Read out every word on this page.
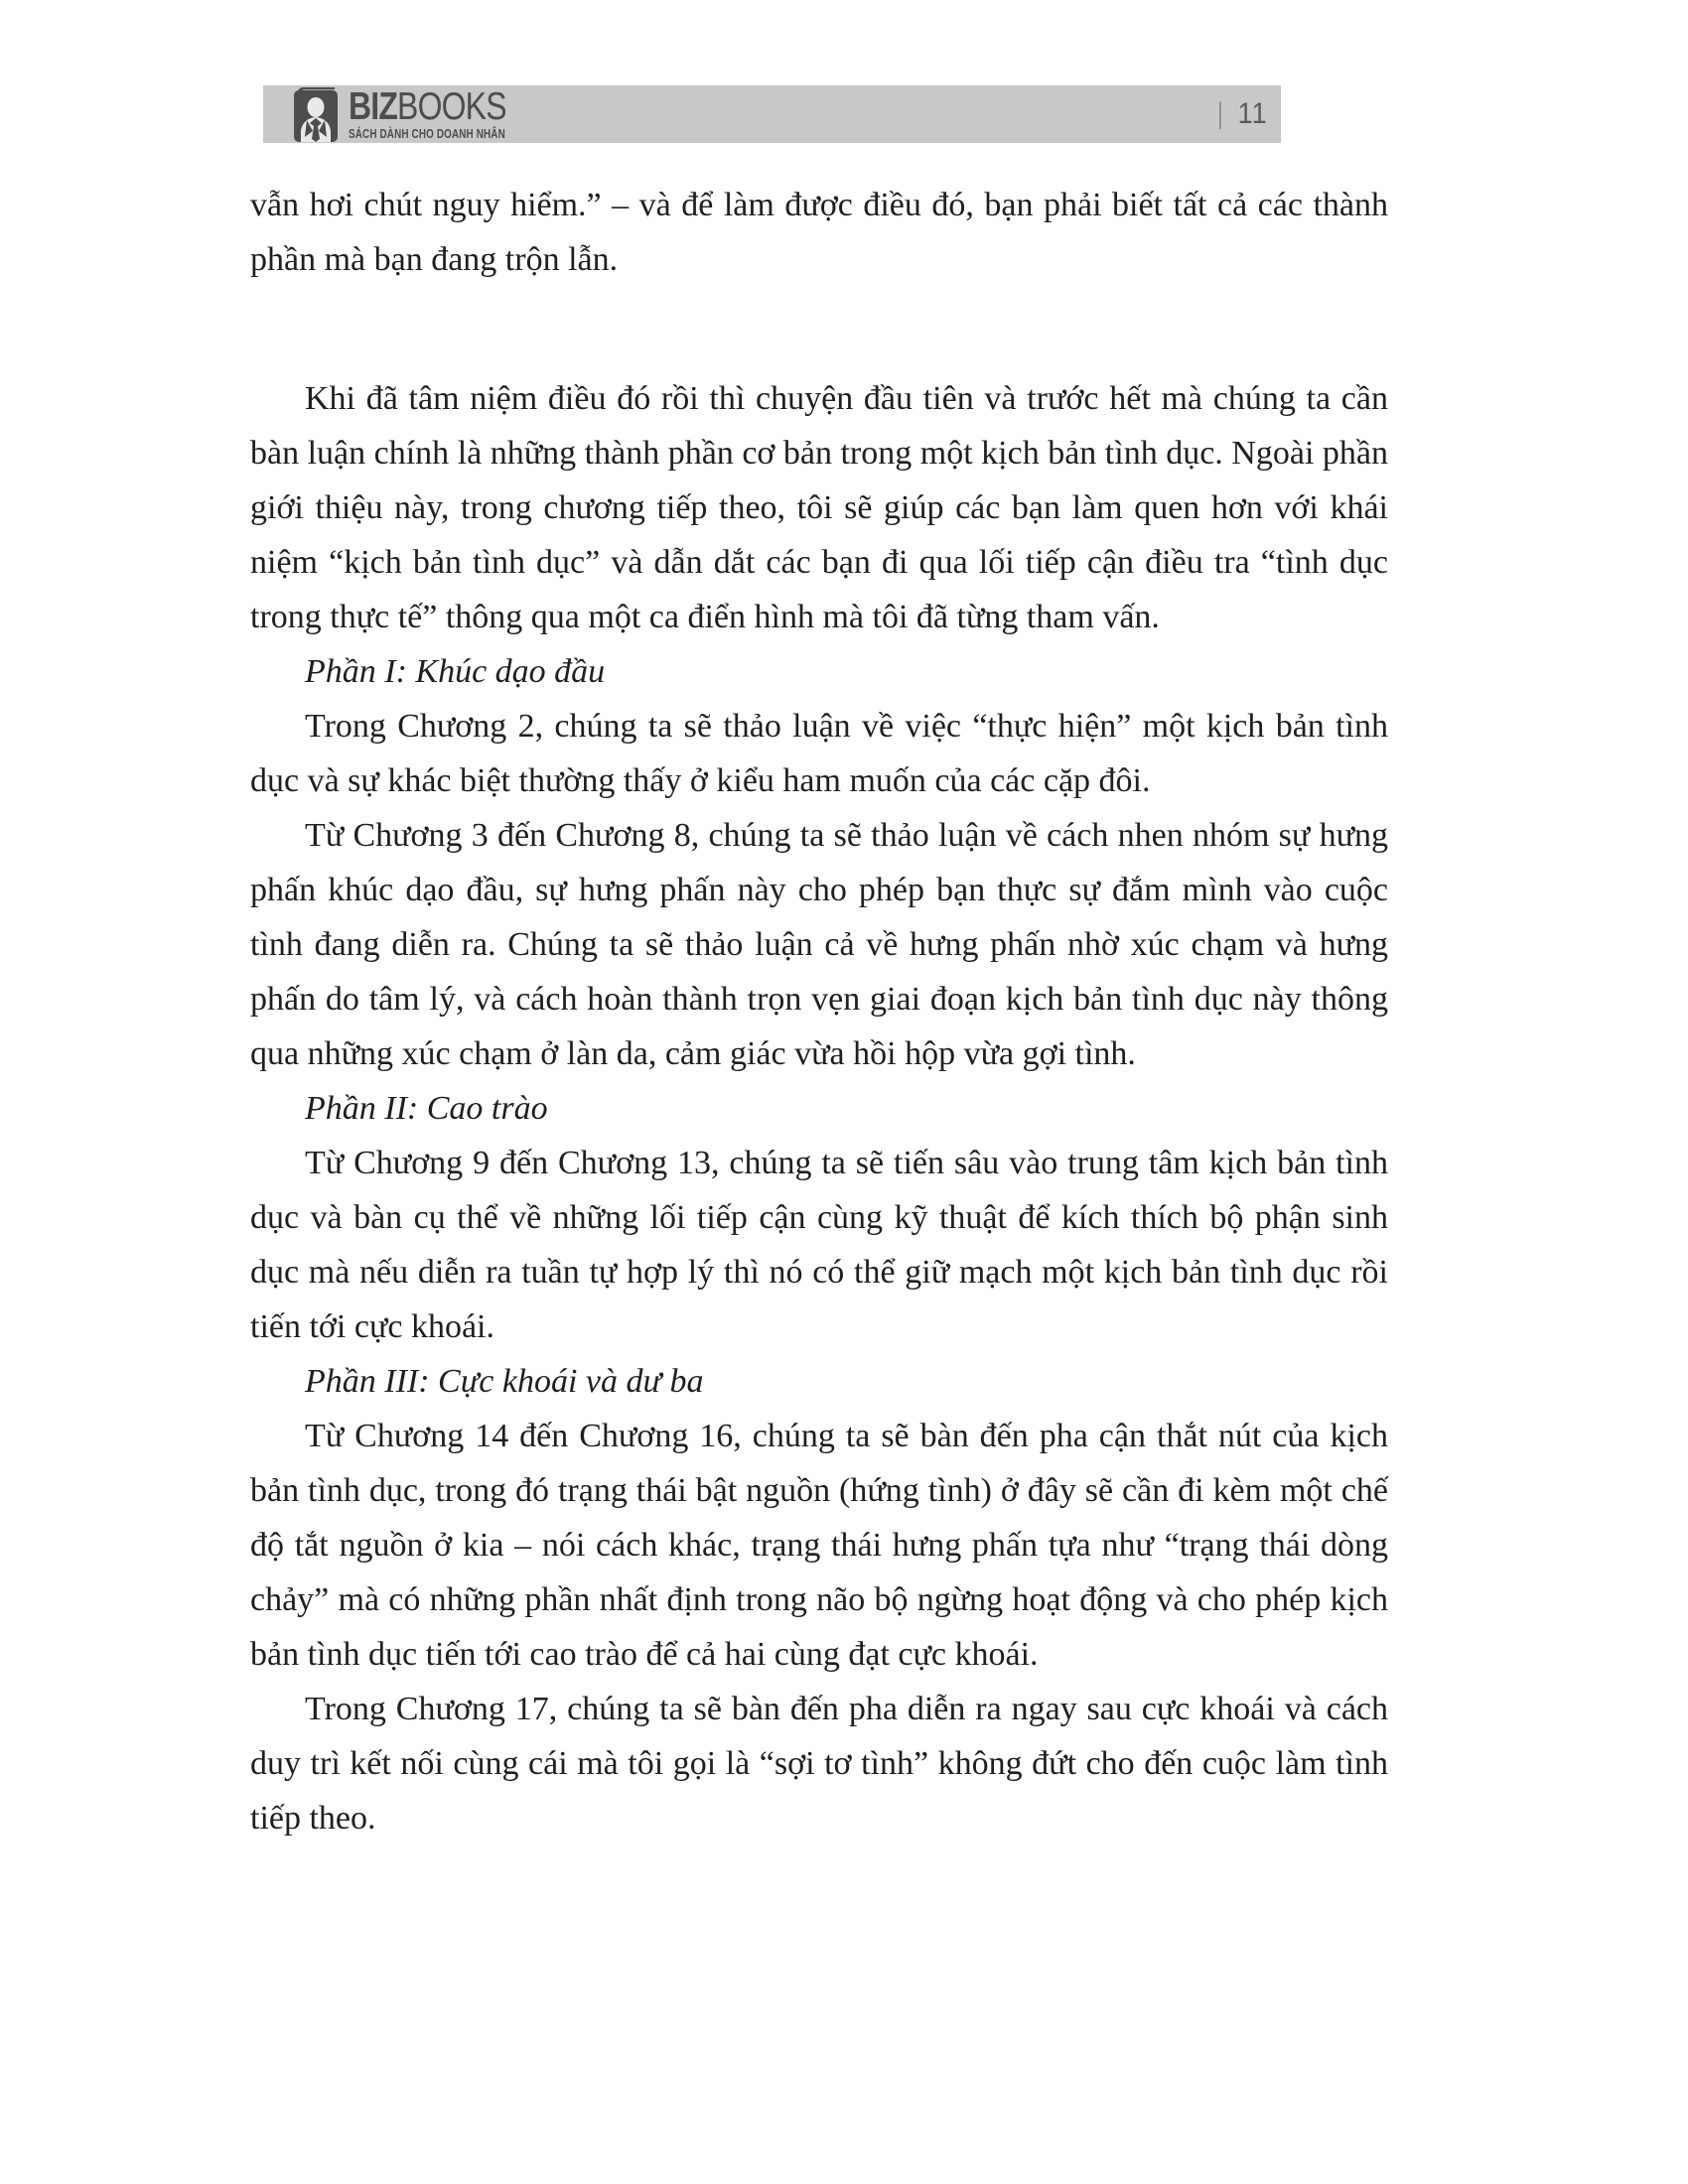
BIZBOOKS
SÁCH DÀNH CHO DOANH NHÂN
| 11

vẫn hơi chút nguy hiểm.” – và để làm được điều đó, bạn phải biết tất cả các thành phần mà bạn đang trộn lẫn.

Khi đã tâm niệm điều đó rồi thì chuyện đầu tiên và trước hết mà chúng ta cần bàn luận chính là những thành phần cơ bản trong một kịch bản tình dục. Ngoài phần giới thiệu này, trong chương tiếp theo, tôi sẽ giúp các bạn làm quen hơn với khái niệm “kịch bản tình dục” và dẫn dắt các bạn đi qua lối tiếp cận điều tra “tình dục trong thực tế” thông qua một ca điển hình mà tôi đã từng tham vấn.

Phần I: Khúc dạo đầu

Trong Chương 2, chúng ta sẽ thảo luận về việc “thực hiện” một kịch bản tình dục và sự khác biệt thường thấy ở kiểu ham muốn của các cặp đôi.

Từ Chương 3 đến Chương 8, chúng ta sẽ thảo luận về cách nhen nhóm sự hưng phấn khúc dạo đầu, sự hưng phấn này cho phép bạn thực sự đắm mình vào cuộc tình đang diễn ra. Chúng ta sẽ thảo luận cả về hưng phấn nhờ xúc chạm và hưng phấn do tâm lý, và cách hoàn thành trọn vẹn giai đoạn kịch bản tình dục này thông qua những xúc chạm ở làn da, cảm giác vừa hồi hộp vừa gợi tình.

Phần II: Cao trào

Từ Chương 9 đến Chương 13, chúng ta sẽ tiến sâu vào trung tâm kịch bản tình dục và bàn cụ thể về những lối tiếp cận cùng kỹ thuật để kích thích bộ phận sinh dục mà nếu diễn ra tuần tự hợp lý thì nó có thể giữ mạch một kịch bản tình dục rồi tiến tới cực khoái.

Phần III: Cực khoái và dư ba

Từ Chương 14 đến Chương 16, chúng ta sẽ bàn đến pha cận thắt nút của kịch bản tình dục, trong đó trạng thái bật nguồn (hứng tình) ở đây sẽ cần đi kèm một chế độ tắt nguồn ở kia – nói cách khác, trạng thái hưng phấn tựa như “trạng thái dòng chảy” mà có những phần nhất định trong não bộ ngừng hoạt động và cho phép kịch bản tình dục tiến tới cao trào để cả hai cùng đạt cực khoái.

Trong Chương 17, chúng ta sẽ bàn đến pha diễn ra ngay sau cực khoái và cách duy trì kết nối cùng cái mà tôi gọi là “sợi tơ tình” không đứt cho đến cuộc làm tình tiếp theo.
